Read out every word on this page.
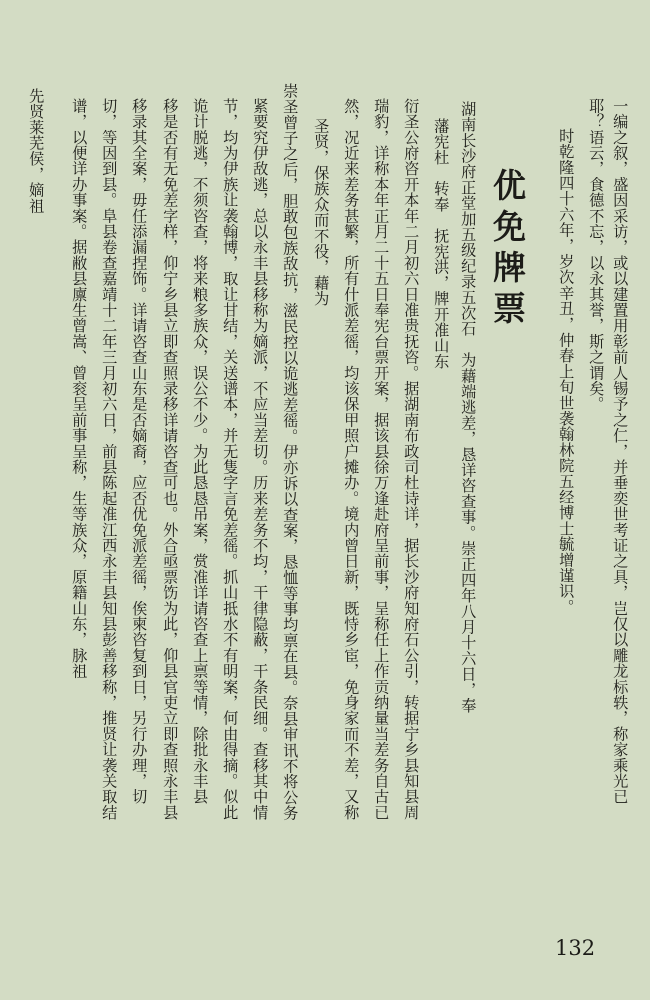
一编之叙，盛因采访，或以建置用彰前人锡予之仁，并垂奕世考证之具，岂仅以雕龙标轶，称家乘光已
耶？语云，食德不忘，以永其誉，斯之谓矣。
时乾隆四十六年，岁次辛丑，仲春上旬世袭翰林院五经博士毓增谨识。
优免牌票
湖南长沙府正堂加五级纪录五次石　为藉端逃差，恳详咨查事。崇正四年八月十六日，奉
藩宪杜　转奉　抚宪洪，牌开准山东
衍圣公府咨开本年二月初六日准贵抚咨。据湖南布政司杜诗详，据长沙府知府石公引，转据宁乡县知县周
瑞豹，详称本年正月二十五日奉宪台票开案，据该县徐万逢赴府呈前事，呈称任上作贡纳量当差务自古已
然，况近来差务甚繁，所有什派差徭，均该保甲照户摊办。境内曾日新，既恃乡宦，免身家而不差，又称
圣贤，保族众而不役，藉为
崇圣曾子之后，胆敢包族敌抗，滋民控以诡逃差徭。伊亦诉以查案，恳恤等事均禀在县。奈县审讯不将公务
紧要究伊敌逃，总以永丰县移称为嫡派，不应当差切。历来差务不均，干律隐蔽，干条民细。查移其中情
节，均为伊族让袭翰博，取让甘结，关送谱本，并无隻字言免差徭。抓山抵水不有明案，何由得摘。似此
诡计脱逃，不须咨查，将来粮多族众，误公不少。为此恳恳吊案，赏准详请咨查上禀等情，除批永丰县
移是否有无免差字样，仰宁乡县立即查照录移详请咨查可也。外合亟票饬为此，仰县官吏立即查照永丰县
移录其全案，毋任添漏捏饰。详请咨查山东是否嫡裔，应否优免派差徭，俟柬咨复到日，另行办理，切
切，等因到县。阜县卷查嘉靖十二年三月初六日，前县陈起准江西永丰县知县彭善移称，推贤让袭关取结
谱，以便详办事案。据敝县廪生曾嵩、曾衮呈前事呈称，生等族众，原籍山东，脉祖
先贤莱芜侯，嫡祖
132
